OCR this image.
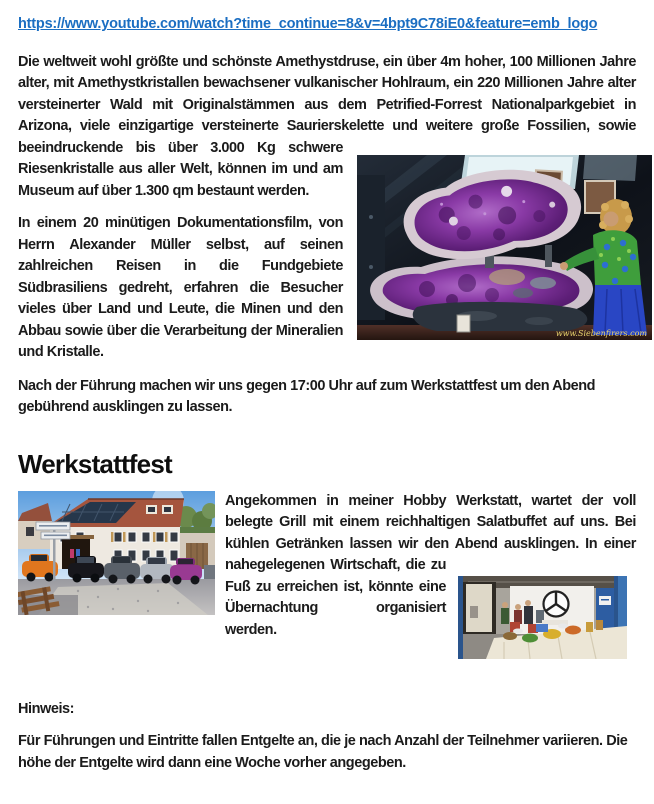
https://www.youtube.com/watch?time_continue=8&v=4bpt9C78iE0&feature=emb_logo
www.Siebenfirers.com

Die weltweit wohl größte und schönste Amethystdruse, ein über 4m hoher, 100 Millionen Jahre alter, mit Amethystkristallen bewachsener vulkanischer Hohlraum, ein 220 Millionen Jahre alter versteinerter Wald mit Originalstämmen aus dem Petrified-Forrest Nationalparkgebiet in Arizona, viele einzigartige versteinerte Saurierskelette und weitere große Fossilien, sowie beeindruckende bis über 3.000 Kg schwere Riesenkristalle aus aller Welt, können im und am Museum auf über 1.300 qm bestaunt werden.

In einem 20 minütigen Dokumentationsfilm, von Herrn Alexander Müller selbst, auf seinen zahlreichen Reisen in die Fundgebiete Südbrasiliens gedreht, erfahren die Besucher vieles über Land und Leute, die Minen und den Abbau sowie über die Verarbeitung der Mineralien und Kristalle.

Nach der Führung machen wir uns gegen 17:00 Uhr auf zum Werkstattfest um den Abend gebührend ausklingen zu lassen.

Werkstattfest

Angekommen in meiner Hobby Werkstatt, wartet der voll belegte Grill mit einem reichhaltigen Salatbuffet auf uns. Bei kühlen Getränken lassen wir den Abend ausklingen. In einer nahegelegenen Wirtschaft, die zu Fuß zu erreichen ist, könnte eine Übernachtung organisiert werden.

Hinweis:

Für Führungen und Eintritte fallen Entgelte an, die je nach Anzahl der Teilnehmer variieren. Die höhe der Entgelte wird dann eine Woche vorher angegeben.
